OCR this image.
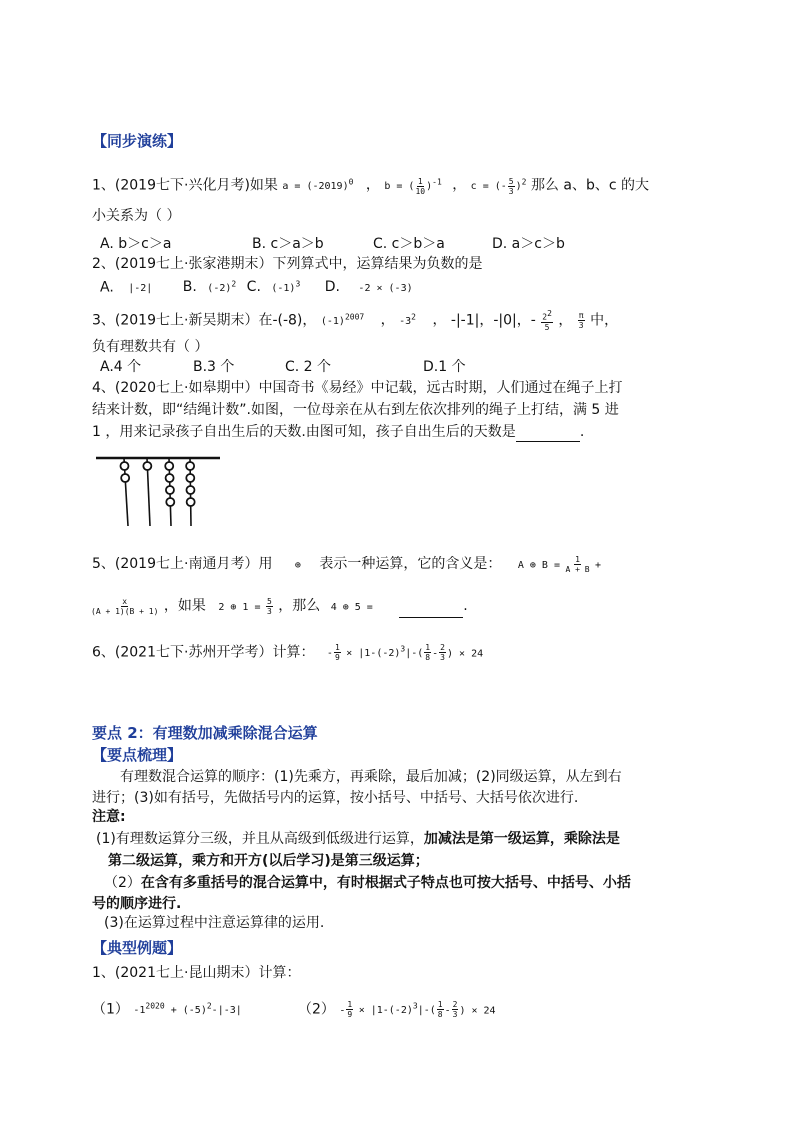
【同步演练】
1、(2019七下·兴化月考)如果 $a = (-2019)^0$ ， b = ( $\frac{1}{10} )^{-1}$ ， c = (- $\frac{5}{3} )^2$ 那么 a、b、c 的大
小关系为（ ）
A. b＞c＞a	B. c＞a＞b	C. c＞b＞a	D. a＞c＞b
2、(2019七上·张家港期末）下列算式中，运算结果为负数的是
A. |-2| B. $(-2)^2$ C. $(-1)^3$ D. -2 × (-3)
3、(2019七上·新吴期末）在-(-8)， $(-1)^{2007}$ ， $-3^2$ ， -|-1|，-|0|，- $\frac{2^2}{5}$ ， $\frac{\pi}{3}$ 中，
负有理数共有（ ）
A.4 个	B.3 个	C. 2 个	D.1 个
4、(2020七上·如皋期中）中国奇书《易经》中记载，远古时期，人们通过在绳子上打
结来计数，即“结绳计数”.如图，一位母亲在从右到左依次排列的绳子上打结，满 5 进
1 ，用来记录孩子自出生后的天数.由图可知，孩子自出生后的天数是	.
5、(2019七上·南通月考）用 ⊕ 表示一种运算，它的含义是： A ⊕ $B = \frac{1}{A + B}$ +
$\frac{x}{(A + 1)(B + 1)}$ ，如果 2 ⊕ $1 = \frac{5}{3}$ ，那么 4 ⊕ 5 =	.
6、(2021七下·苏州开学考）计算： - $\frac{1}{9} \times |1-(-2)^3|-( \frac{1}{8} - \frac{2}{3}$ ) × 24
要点 2：有理数加减乘除混合运算
【要点梳理】
有理数混合运算的顺序：(1)先乘方，再乘除，最后加减；(2)同级运算，从左到右
进行；(3)如有括号，先做括号内的运算，按小括号、中括号、大括号依次进行.
注意:
(1)有理数运算分三级，并且从高级到低级进行运算，加减法是第一级运算，乘除法是
第二级运算，乘方和开方(以后学习)是第三级运算；
（2）在含有多重括号的混合运算中，有时根据式子特点也可按大括号、中括号、小括
号的顺序进行.
(3)在运算过程中注意运算律的运用.
【典型例题】
1、(2021七上·昆山期末）计算：
（1） $-1^{2020} + (-5)^2-|-3|$	$(2) - \frac{1}{9} \times |1-(-2)^3|-( \frac{1}{8} - \frac{2}{3}$ ) × 24
